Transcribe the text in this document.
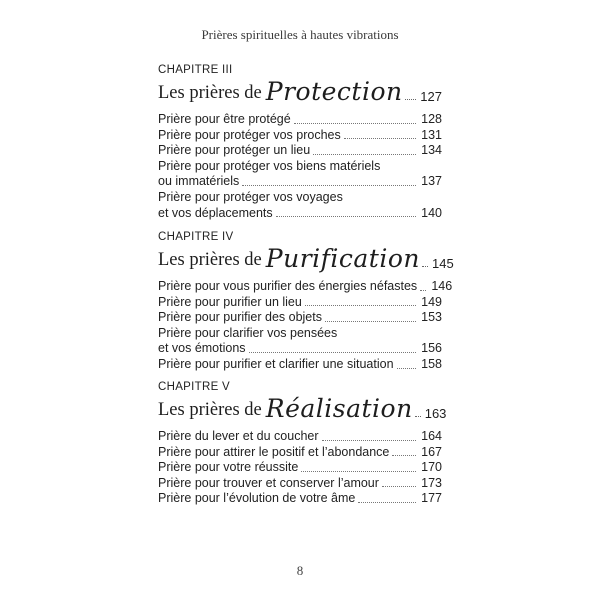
Prières spirituelles à hautes vibrations
CHAPITRE III
Les prières de Protection 127
Prière pour être protégé	128
Prière pour protéger vos proches	131
Prière pour protéger un lieu	134
Prière pour protéger vos biens matériels
ou immatériels	137
Prière pour protéger vos voyages
et vos déplacements	140
CHAPITRE IV
Les prières de Purification 145
Prière pour vous purifier des énergies néfastes 146
Prière pour purifier un lieu	149
Prière pour purifier des objets	153
Prière pour clarifier vos pensées
et vos émotions	156
Prière pour purifier et clarifier une situation 158
CHAPITRE V
Les prières de Réalisation 163
Prière du lever et du coucher	164
Prière pour attirer le positif et l’abondance	167
Prière pour votre réussite	170
Prière pour trouver et conserver l’amour	173
Prière pour l’évolution de votre âme	177
8
